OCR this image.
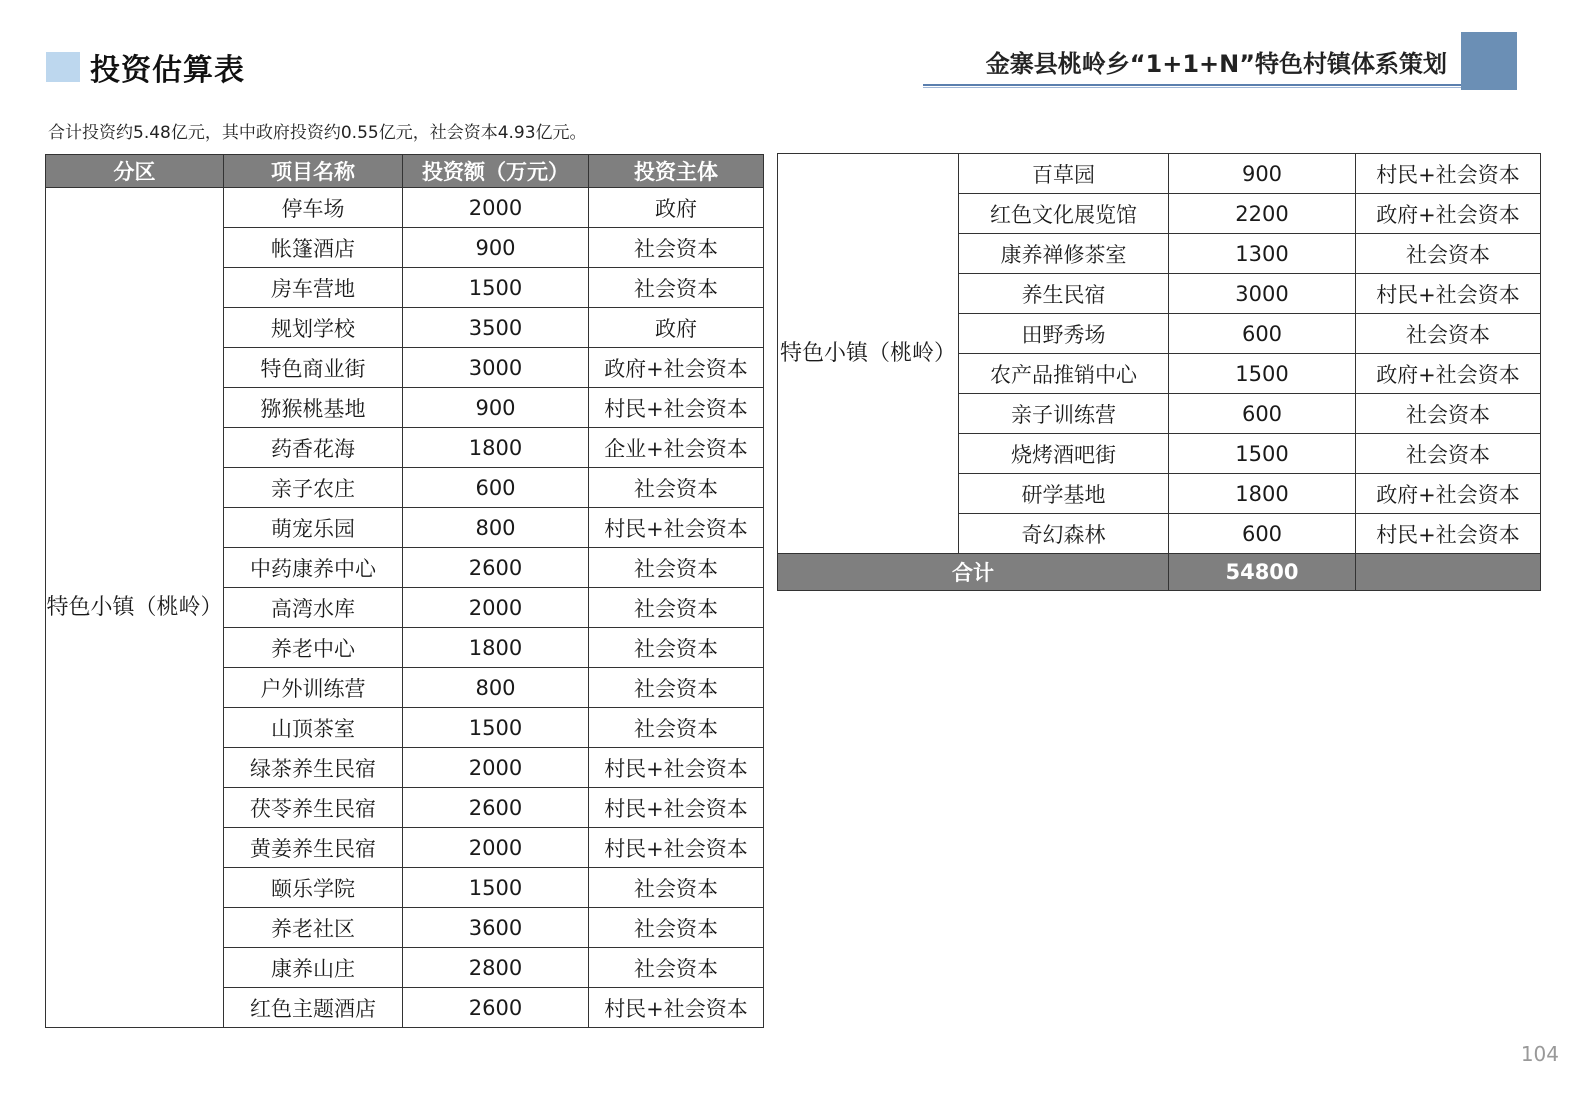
投资估算表	金寨县桃岭乡“1+1+N”特色村镇体系策划
合计投资约5.48亿元，其中政府投资约0.55亿元，社会资本4.93亿元。
分区	项目名称	投资额（万元）	投资主体
特色小镇（桃岭）	停车场	2000	政府
	帐篷酒店	900	社会资本
	房车营地	1500	社会资本
	规划学校	3500	政府
	特色商业街	3000	政府+社会资本
	猕猴桃基地	900	村民+社会资本
	药香花海	1800	企业+社会资本
	亲子农庄	600	社会资本
	萌宠乐园	800	村民+社会资本
	中药康养中心	2600	社会资本
	高湾水库	2000	社会资本
	养老中心	1800	社会资本
	户外训练营	800	社会资本
	山顶茶室	1500	社会资本
	绿茶养生民宿	2000	村民+社会资本
	茯苓养生民宿	2600	村民+社会资本
	黄姜养生民宿	2000	村民+社会资本
	颐乐学院	1500	社会资本
	养老社区	3600	社会资本
	康养山庄	2800	社会资本
	红色主题酒店	2600	村民+社会资本
特色小镇（桃岭）	百草园	900	村民+社会资本
	红色文化展览馆	2200	政府+社会资本
	康养禅修茶室	1300	社会资本
	养生民宿	3000	村民+社会资本
	田野秀场	600	社会资本
	农产品推销中心	1500	政府+社会资本
	亲子训练营	600	社会资本
	烧烤酒吧街	1500	社会资本
	研学基地	1800	政府+社会资本
	奇幻森林	600	村民+社会资本
合计		54800	
104
